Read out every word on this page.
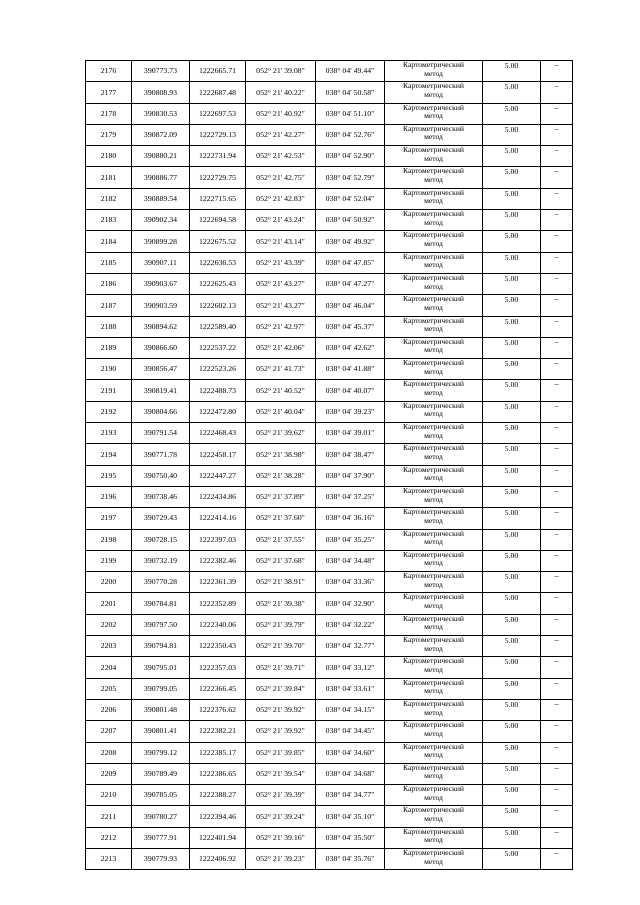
2176	390773.73	1222665.71	052° 21' 39.08"	038° 04' 49.44"	Картометрический
метод	5.00	–
2177	390808.93	1222687.48	052° 21' 40.22"	038° 04' 50.58"	Картометрический
метод	5.00	–
2178	390830.53	1222697.53	052° 21' 40.92"	038° 04' 51.10"	Картометрический
метод	5.00	–
2179	390872.09	1222729.13	052° 21' 42.27"	038° 04' 52.76"	Картометрический
метод	5.00	–
2180	390880.21	1222731.94	052° 21' 42.53"	038° 04' 52.90"	Картометрический
метод	5.00	–
2181	390886.77	1222729.75	052° 21' 42.75"	038° 04' 52.79"	Картометрический
метод	5.00	–
2182	390889.54	1222715.65	052° 21' 42.83"	038° 04' 52.04"	Картометрический
метод	5.00	–
2183	390902.34	1222694.58	052° 21' 43.24"	038° 04' 50.92"	Картометрический
метод	5.00	–
2184	390899.28	1222675.52	052° 21' 43.14"	038° 04' 49.92"	Картометрический
метод	5.00	–
2185	390907.11	1222636.53	052° 21' 43.39"	038° 04' 47.85"	Картометрический
метод	5.00	–
2186	390903.67	1222625.43	052° 21' 43.27"	038° 04' 47.27"	Картометрический
метод	5.00	–
2187	390903.59	1222602.13	052° 21' 43.27"	038° 04' 46.04"	Картометрический
метод	5.00	–
2188	390894.62	1222589.40	052° 21' 42.97"	038° 04' 45.37"	Картометрический
метод	5.00	–
2189	390866.60	1222537.22	052° 21' 42.06"	038° 04' 42.62"	Картометрический
метод	5.00	–
2190	390856.47	1222523.26	052° 21' 41.73"	038° 04' 41.88"	Картометрический
метод	5.00	–
2191	390819.41	1222488.73	052° 21' 40.52"	038° 04' 40.07"	Картометрический
метод	5.00	–
2192	390804.66	1222472.80	052° 21' 40.04"	038° 04' 39.23"	Картометрический
метод	5.00	–
2193	390791.54	1222468.43	052° 21' 39.62"	038° 04' 39.01"	Картометрический
метод	5.00	–
2194	390771.78	1222458.17	052° 21' 38.98"	038° 04' 38.47"	Картометрический
метод	5.00	–
2195	390750.40	1222447.27	052° 21' 38.28"	038° 04' 37.90"	Картометрический
метод	5.00	–
2196	390738.46	1222434.86	052° 21' 37.89"	038° 04' 37.25"	Картометрический
метод	5.00	–
2197	390729.43	1222414.16	052° 21' 37.60"	038° 04' 36.16"	Картометрический
метод	5.00	–
2198	390728.15	1222397.03	052° 21' 37.55"	038° 04' 35.25"	Картометрический
метод	5.00	–
2199	390732.19	1222382.46	052° 21' 37.68"	038° 04' 34.48"	Картометрический
метод	5.00	–
2200	390770.28	1222361.39	052° 21' 38.91"	038° 04' 33.36"	Картометрический
метод	5.00	–
2201	390784.81	1222352.89	052° 21' 39.38"	038° 04' 32.90"	Картометрический
метод	5.00	–
2202	390797.50	1222340.06	052° 21' 39.79"	038° 04' 32.22"	Картометрический
метод	5.00	–
2203	390794.81	1222350.43	052° 21' 39.70"	038° 04' 32.77"	Картометрический
метод	5.00	–
2204	390795.01	1222357.03	052° 21' 39.71"	038° 04' 33.12"	Картометрический
метод	5.00	–
2205	390799.05	1222366.45	052° 21' 39.84"	038° 04' 33.61"	Картометрический
метод	5.00	–
2206	390801.48	1222376.62	052° 21' 39.92"	038° 04' 34.15"	Картометрический
метод	5.00	–
2207	390801.41	1222382.21	052° 21' 39.92"	038° 04' 34.45"	Картометрический
метод	5.00	–
2208	390799.12	1222385.17	052° 21' 39.85"	038° 04' 34.60"	Картометрический
метод	5.00	–
2209	390789.49	1222386.65	052° 21' 39.54"	038° 04' 34.68"	Картометрический
метод	5.00	–
2210	390785.05	1222388.27	052° 21' 39.39"	038° 04' 34.77"	Картометрический
метод	5.00	–
2211	390780.27	1222394.46	052° 21' 39.24"	038° 04' 35.10"	Картометрический
метод	5.00	–
2212	390777.91	1222401.94	052° 21' 39.16"	038° 04' 35.50"	Картометрический
метод	5.00	–
2213	390779.93	1222406.92	052° 21' 39.23"	038° 04' 35.76"	Картометрический
метод	5.00	–
